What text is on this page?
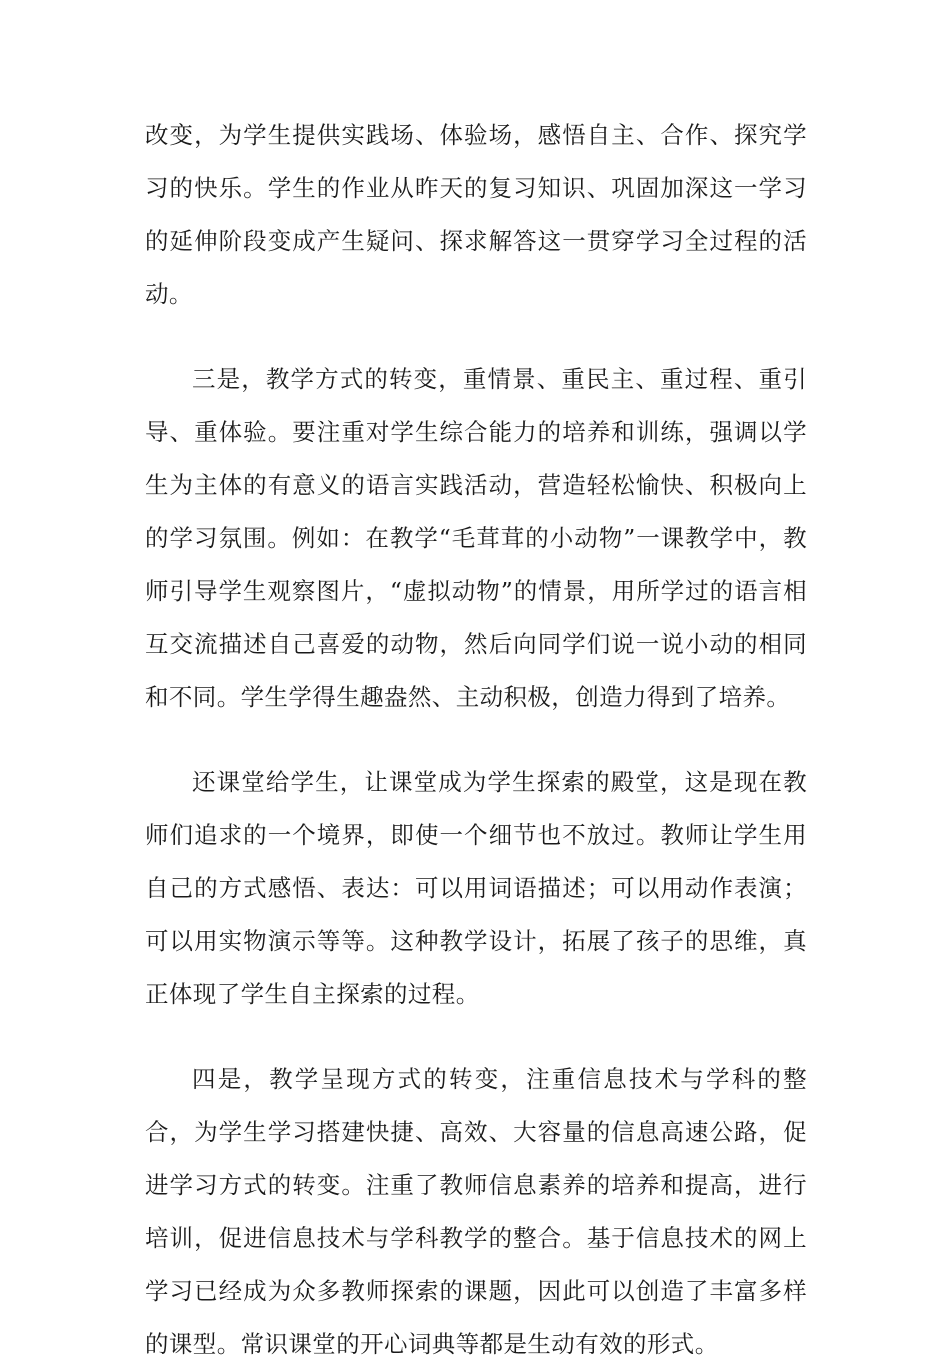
改变，为学生提供实践场、体验场，感悟自主、合作、探究学习的快乐。学生的作业从昨天的复习知识、巩固加深这一学习的延伸阶段变成产生疑问、探求解答这一贯穿学习全过程的活动。

三是，教学方式的转变，重情景、重民主、重过程、重引导、重体验。要注重对学生综合能力的培养和训练，强调以学生为主体的有意义的语言实践活动，营造轻松愉快、积极向上的学习氛围。例如：在教学“毛茸茸的小动物”一课教学中，教师引导学生观察图片，“虚拟动物”的情景，用所学过的语言相互交流描述自己喜爱的动物，然后向同学们说一说小动的相同和不同。学生学得生趣盎然、主动积极，创造力得到了培养。

还课堂给学生，让课堂成为学生探索的殿堂，这是现在教师们追求的一个境界，即使一个细节也不放过。教师让学生用自己的方式感悟、表达：可以用词语描述；可以用动作表演；可以用实物演示等等。这种教学设计，拓展了孩子的思维，真正体现了学生自主探索的过程。

四是，教学呈现方式的转变，注重信息技术与学科的整合，为学生学习搭建快捷、高效、大容量的信息高速公路，促进学习方式的转变。注重了教师信息素养的培养和提高，进行培训，促进信息技术与学科教学的整合。基于信息技术的网上学习已经成为众多教师探索的课题，因此可以创造了丰富多样的课型。常识课堂的开心词典等都是生动有效的形式。
